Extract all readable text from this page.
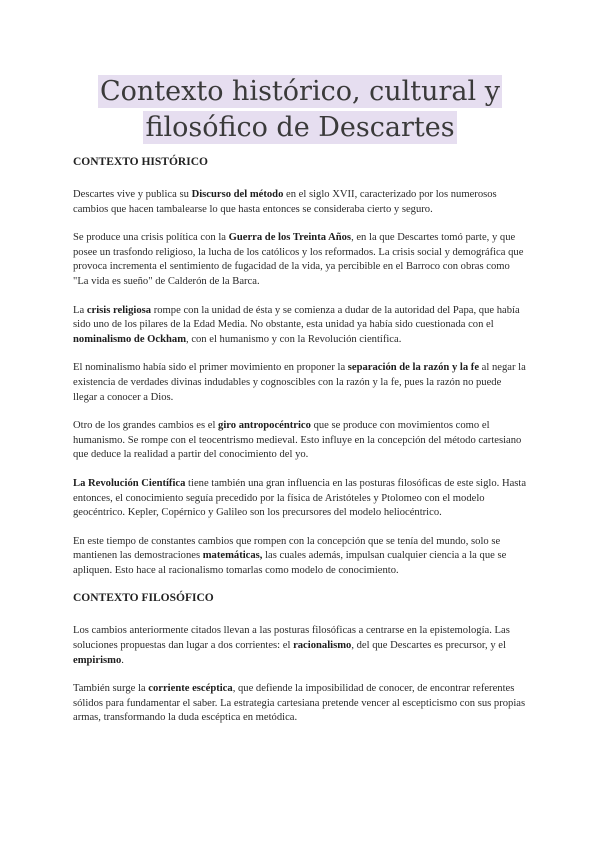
Contexto histórico, cultural y filosófico de Descartes
CONTEXTO HISTÓRICO

Descartes vive y publica su Discurso del método en el siglo XVII, caracterizado por los numerosos cambios que hacen tambalearse lo que hasta entonces se consideraba cierto y seguro.

Se produce una crisis política con la Guerra de los Treinta Años, en la que Descartes tomó parte, y que posee un trasfondo religioso, la lucha de los católicos y los reformados. La crisis social y demográfica que provoca incrementa el sentimiento de fugacidad de la vida, ya percibible en el Barroco con obras como "La vida es sueño" de Calderón de la Barca.

La crisis religiosa rompe con la unidad de ésta y se comienza a dudar de la autoridad del Papa, que había sido uno de los pilares de la Edad Media. No obstante, esta unidad ya había sido cuestionada con el nominalismo de Ockham, con el humanismo y con la Revolución científica.

El nominalismo había sido el primer movimiento en proponer la separación de la razón y la fe al negar la existencia de verdades divinas indudables y cognoscibles con la razón y la fe, pues la razón no puede llegar a conocer a Dios.

Otro de los grandes cambios es el giro antropocéntrico que se produce con movimientos como el humanismo. Se rompe con el teocentrismo medieval. Esto influye en la concepción del método cartesiano que deduce la realidad a partir del conocimiento del yo.

La Revolución Científica tiene también una gran influencia en las posturas filosóficas de este siglo. Hasta entonces, el conocimiento seguía precedido por la física de Aristóteles y Ptolomeo con el modelo geocéntrico. Kepler, Copérnico y Galileo son los precursores del modelo heliocéntrico.

En este tiempo de constantes cambios que rompen con la concepción que se tenía del mundo, solo se mantienen las demostraciones matemáticas, las cuales además, impulsan cualquier ciencia a la que se apliquen. Esto hace al racionalismo tomarlas como modelo de conocimiento.

CONTEXTO FILOSÓFICO

Los cambios anteriormente citados llevan a las posturas filosóficas a centrarse en la epistemología. Las soluciones propuestas dan lugar a dos corrientes: el racionalismo, del que Descartes es precursor, y el empirismo.

También surge la corriente escéptica, que defiende la imposibilidad de conocer, de encontrar referentes sólidos para fundamentar el saber. La estrategia cartesiana pretende vencer al escepticismo con sus propias armas, transformando la duda escéptica en metódica.
